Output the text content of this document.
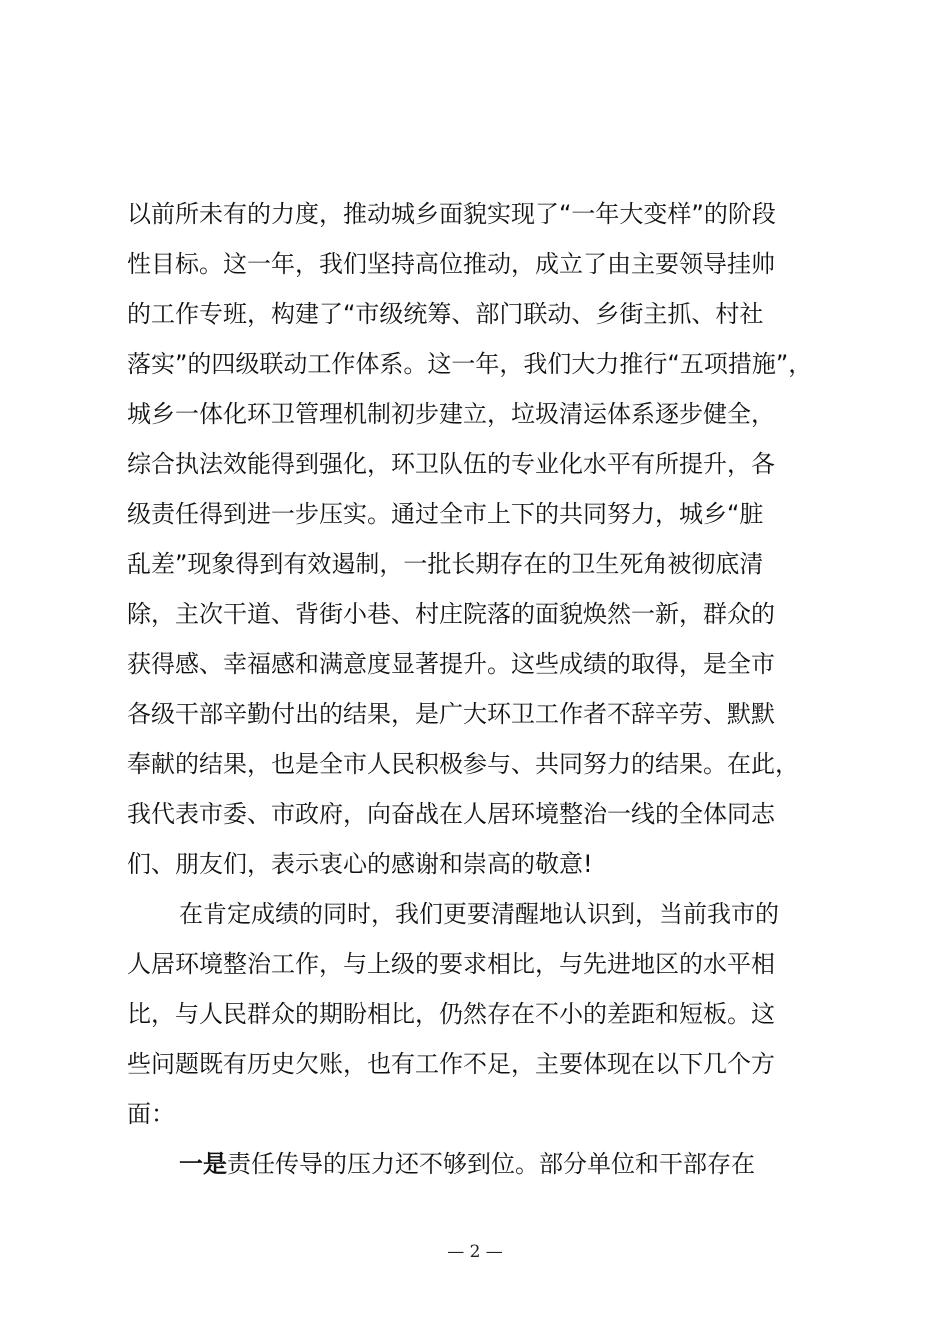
以前所未有的力度，推动城乡面貌实现了“一年大变样”的阶段
性目标。这一年，我们坚持高位推动，成立了由主要领导挂帅
的工作专班，构建了“市级统筹、部门联动、乡街主抓、村社
落实”的四级联动工作体系。这一年，我们大力推行“五项措施”，
城乡一体化环卫管理机制初步建立，垃圾清运体系逐步健全，
综合执法效能得到强化，环卫队伍的专业化水平有所提升，各
级责任得到进一步压实。通过全市上下的共同努力，城乡“脏
乱差”现象得到有效遏制，一批长期存在的卫生死角被彻底清
除，主次干道、背街小巷、村庄院落的面貌焕然一新，群众的
获得感、幸福感和满意度显著提升。这些成绩的取得，是全市
各级干部辛勤付出的结果，是广大环卫工作者不辞辛劳、默默
奉献的结果，也是全市人民积极参与、共同努力的结果。在此，
我代表市委、市政府，向奋战在人居环境整治一线的全体同志
们、朋友们，表示衷心的感谢和崇高的敬意!
在肯定成绩的同时，我们更要清醒地认识到，当前我市的
人居环境整治工作，与上级的要求相比，与先进地区的水平相
比，与人民群众的期盼相比，仍然存在不小的差距和短板。这
些问题既有历史欠账，也有工作不足，主要体现在以下几个方
面：
一是责任传导的压力还不够到位。部分单位和干部存在
— 2 —
